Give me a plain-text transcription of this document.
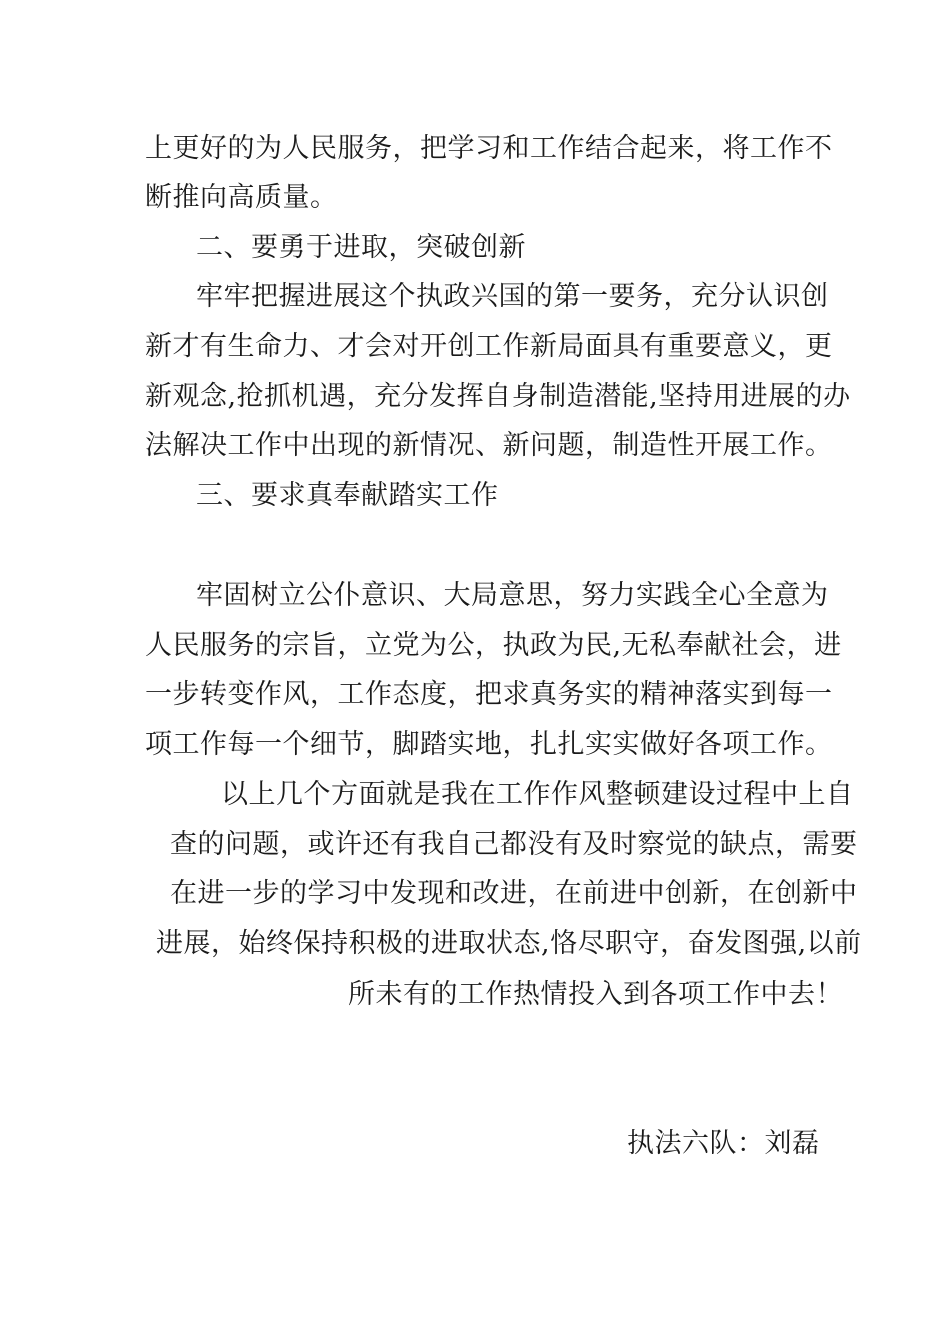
上更好的为人民服务，把学习和工作结合起来，将工作不
断推向高质量。
二、要勇于进取，突破创新
牢牢把握进展这个执政兴国的第一要务，充分认识创
新才有生命力、才会对开创工作新局面具有重要意义，更
新观念,抢抓机遇，充分发挥自身制造潜能,坚持用进展的办
法解决工作中出现的新情况、新问题，制造性开展工作。
三、要求真奉献踏实工作
牢固树立公仆意识、大局意思，努力实践全心全意为
人民服务的宗旨，立党为公，执政为民,无私奉献社会，进
一步转变作风，工作态度，把求真务实的精神落实到每一
项工作每一个细节，脚踏实地，扎扎实实做好各项工作。
以上几个方面就是我在工作作风整顿建设过程中上自
查的问题，或许还有我自己都没有及时察觉的缺点，需要
在进一步的学习中发现和改进，在前进中创新，在创新中
进展，始终保持积极的进取状态,恪尽职守，奋发图强,以前
所未有的工作热情投入到各项工作中去！
执法六队：刘磊
